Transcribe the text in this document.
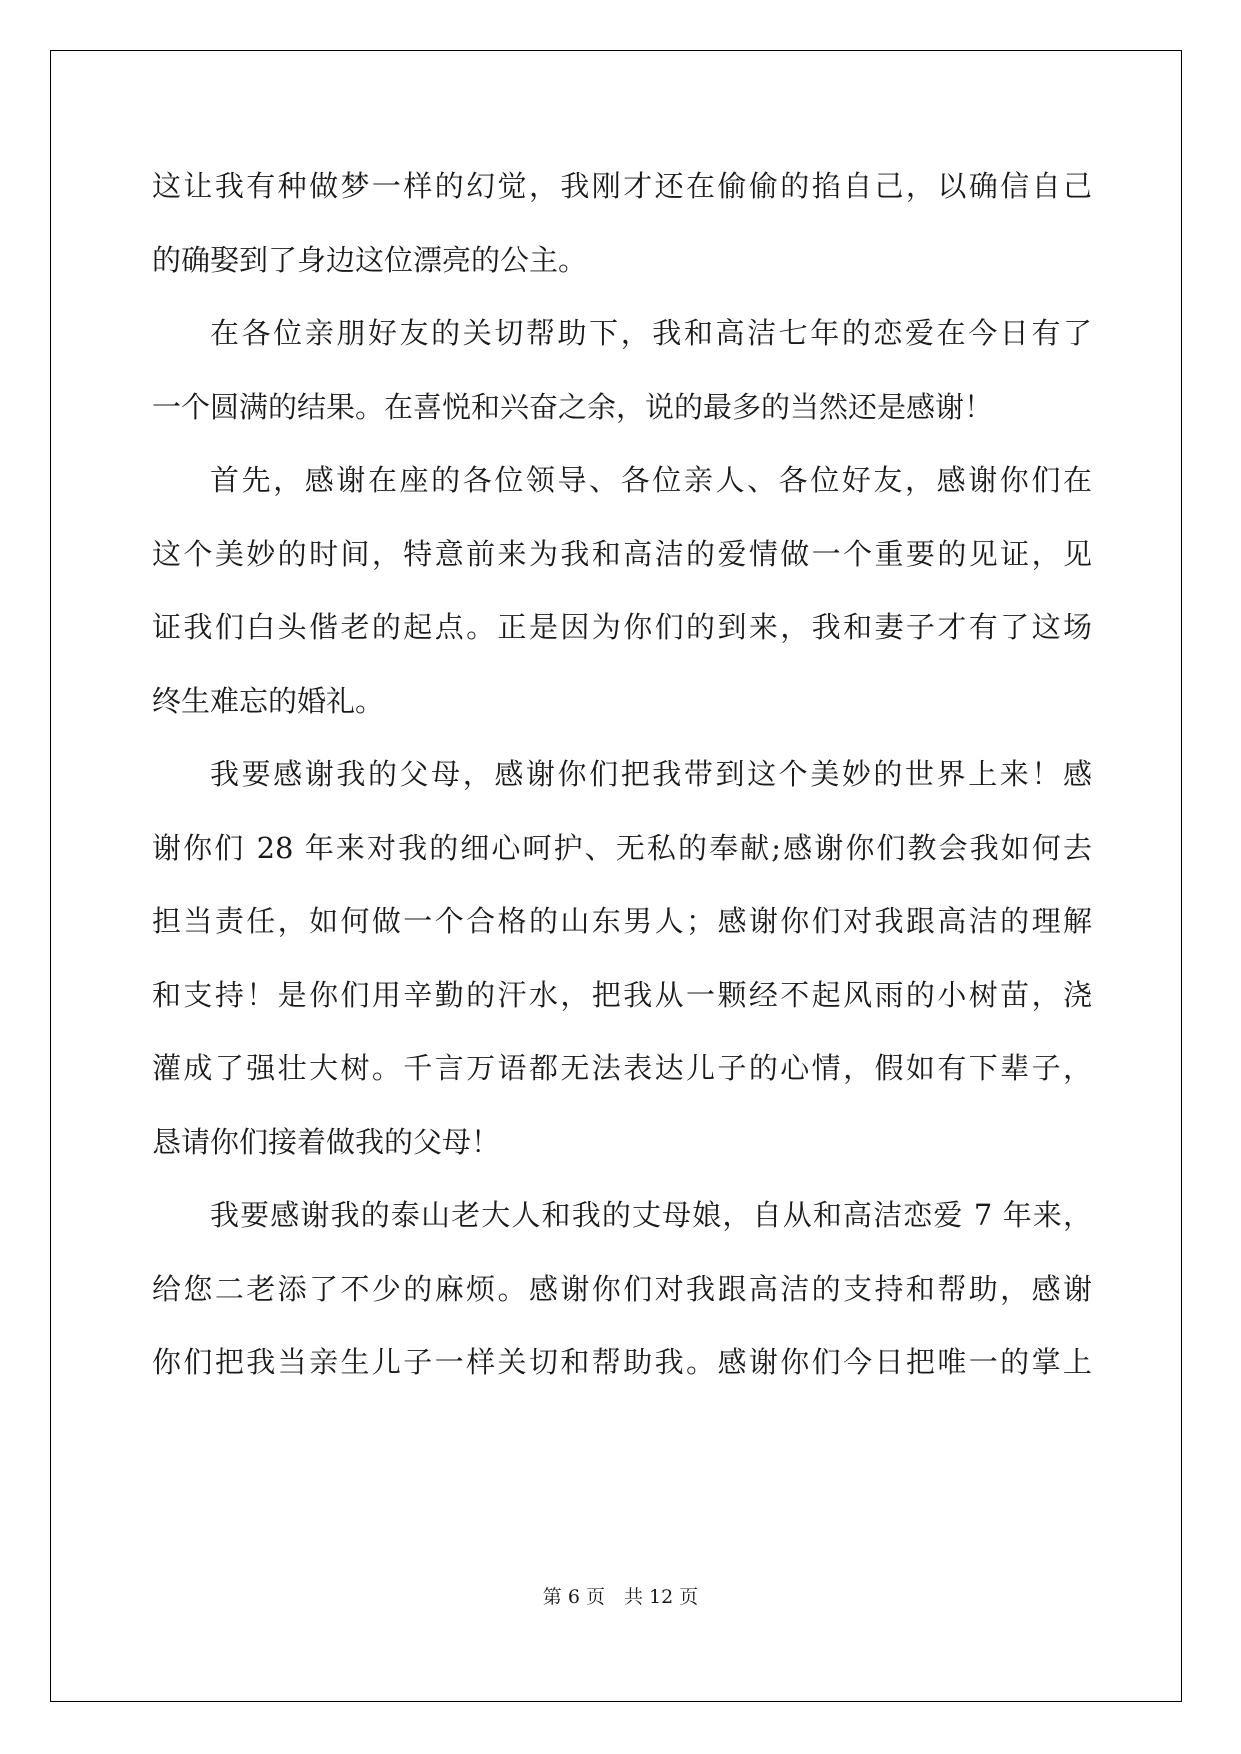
这让我有种做梦一样的幻觉，我刚才还在偷偷的掐自己，以确信自己
的确娶到了身边这位漂亮的公主。
在各位亲朋好友的关切帮助下，我和高洁七年的恋爱在今日有了
一个圆满的结果。在喜悦和兴奋之余，说的最多的当然还是感谢！
首先，感谢在座的各位领导、各位亲人、各位好友，感谢你们在
这个美妙的时间，特意前来为我和高洁的爱情做一个重要的见证，见
证我们白头偕老的起点。正是因为你们的到来，我和妻子才有了这场
终生难忘的婚礼。
我要感谢我的父母，感谢你们把我带到这个美妙的世界上来！感
谢你们 28 年来对我的细心呵护、无私的奉献;感谢你们教会我如何去
担当责任，如何做一个合格的山东男人；感谢你们对我跟高洁的理解
和支持！是你们用辛勤的汗水，把我从一颗经不起风雨的小树苗，浇
灌成了强壮大树。千言万语都无法表达儿子的心情，假如有下辈子，
恳请你们接着做我的父母！
我要感谢我的泰山老大人和我的丈母娘，自从和高洁恋爱 7 年来，
给您二老添了不少的麻烦。感谢你们对我跟高洁的支持和帮助，感谢
你们把我当亲生儿子一样关切和帮助我。感谢你们今日把唯一的掌上
第 6 页　共 12 页
